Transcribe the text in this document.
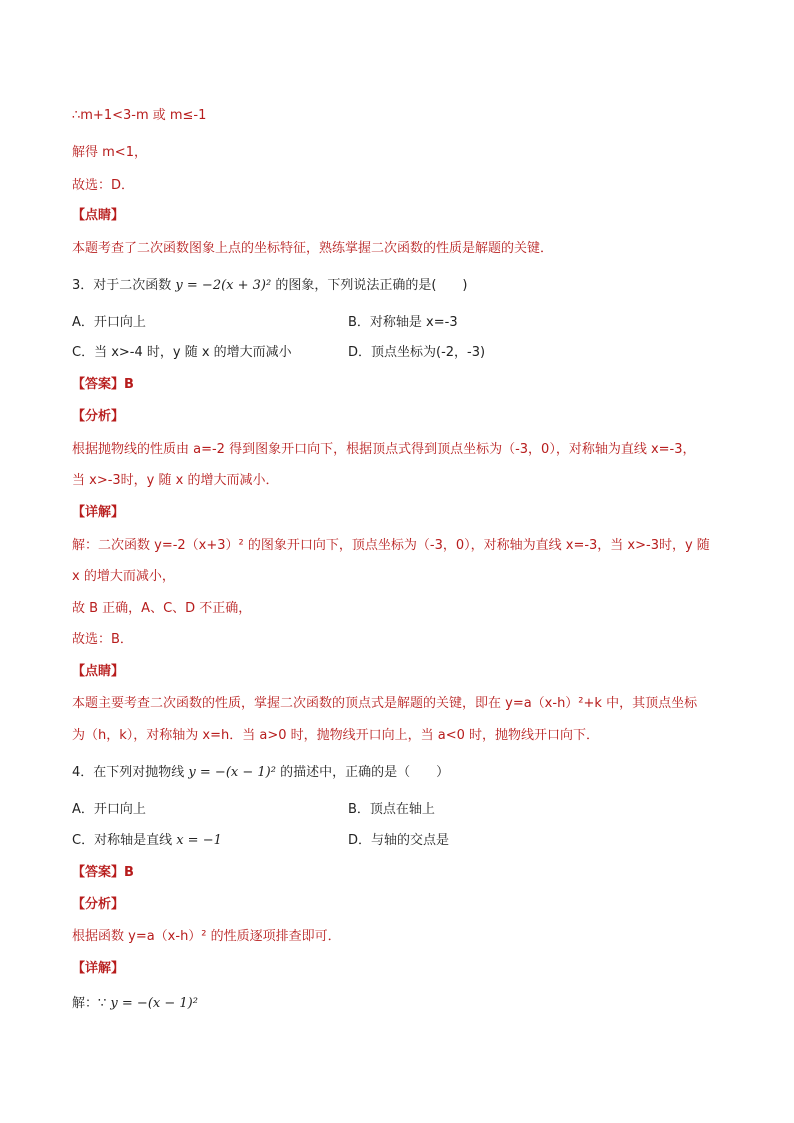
∴m+1<3-m 或 m≤-1
解得 m<1，
故选：D．
【点睛】
本题考查了二次函数图象上点的坐标特征，熟练掌握二次函数的性质是解题的关键．
3．对于二次函数 y = −2(x + 3)² 的图象，下列说法正确的是(　　)
A．开口向上	B．对称轴是 x=-3
C．当 x>-4 时，y 随 x 的增大而减小	D．顶点坐标为(-2，-3)
【答案】B
【分析】
根据抛物线的性质由 a=-2 得到图象开口向下，根据顶点式得到顶点坐标为（-3，0），对称轴为直线 x=-3，
当 x>-3时，y 随 x 的增大而减小．
【详解】
解：二次函数 y=-2（x+3）² 的图象开口向下，顶点坐标为（-3，0），对称轴为直线 x=-3，当 x>-3时，y 随
x 的增大而减小，
故 B 正确，A、C、D 不正确，
故选：B．
【点睛】
本题主要考查二次函数的性质，掌握二次函数的顶点式是解题的关键，即在 y=a（x-h）²+k 中，其顶点坐标
为（h，k），对称轴为 x=h．当 a>0 时，抛物线开口向上，当 a<0 时，抛物线开口向下．
4．在下列对抛物线 y = −(x − 1)² 的描述中，正确的是（　　）
A．开口向上	B．顶点在轴上
C．对称轴是直线 x = −1	D．与轴的交点是
【答案】B
【分析】
根据函数 y=a（x-h）² 的性质逐项排查即可．
【详解】
解：∵ y = −(x − 1)²
